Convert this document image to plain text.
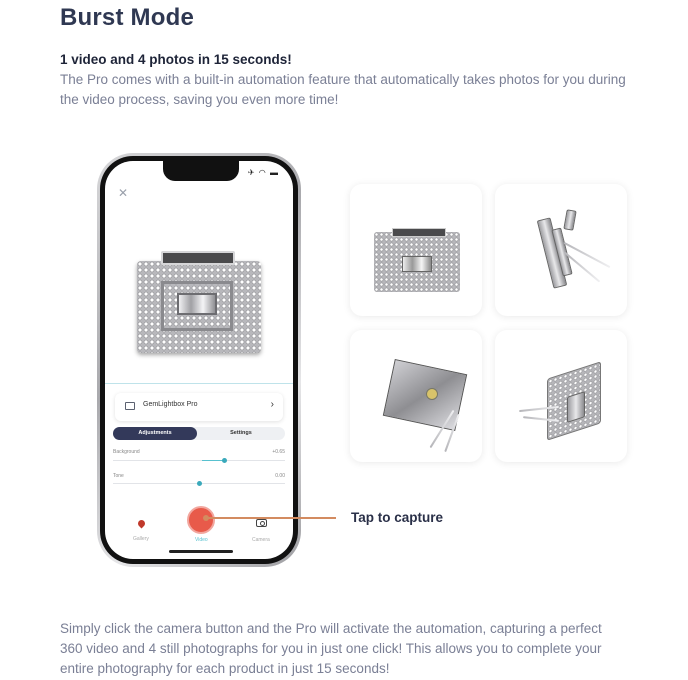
Burst Mode
1 video and 4 photos in 15 seconds!
The Pro comes with a built-in automation feature that automatically takes photos for you during the video process, saving you even more time!
✈ ◠ ▬
✕
GemLightbox Pro	›
Adjustments	Settings
Background	+0.65
Tone	0.00
Gallery	Video	Camera
Tap to capture
Simply click the camera button and the Pro will activate the automation, capturing a perfect 360 video and 4 still photographs for you in just one click! This allows you to complete your entire photography for each product in just 15 seconds!
